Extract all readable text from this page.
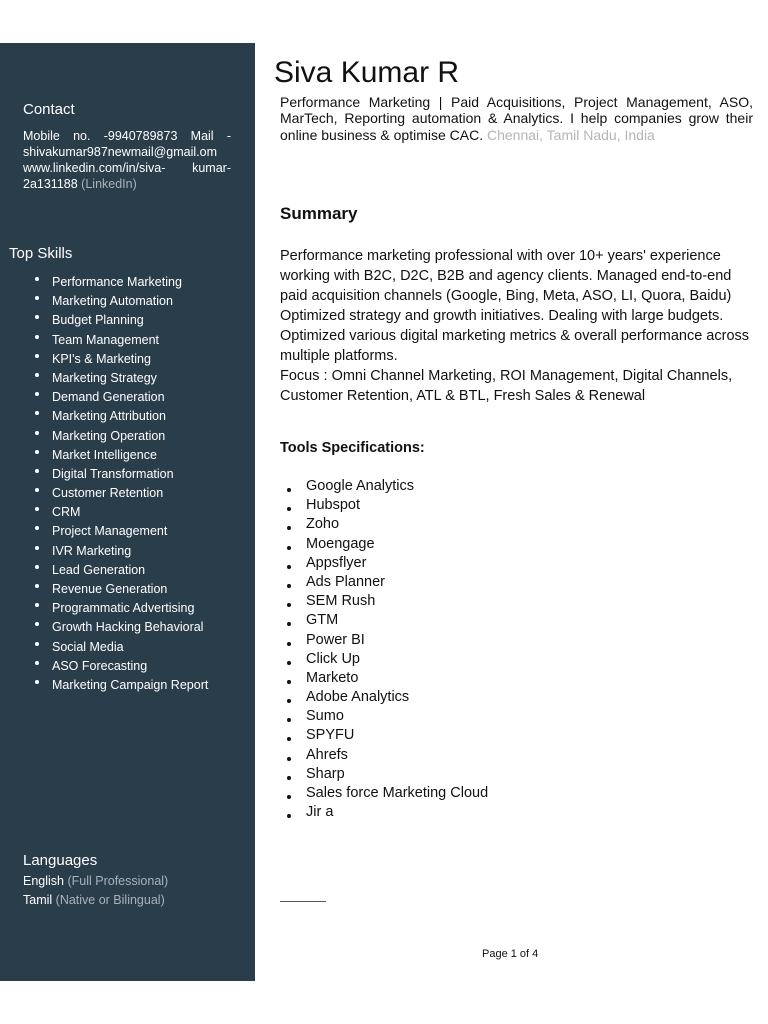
Contact
Mobile no. -9940789873 Mail - shivakumar987newmail@gmail.om www.linkedin.com/in/siva- kumar-2a131188 (LinkedIn)
Top Skills
Performance Marketing
Marketing Automation
Budget Planning
Team Management
KPI's & Marketing
Marketing Strategy
Demand Generation
Marketing Attribution
Marketing Operation
Market Intelligence
Digital Transformation
Customer Retention
CRM
Project Management
IVR Marketing
Lead Generation
Revenue Generation
Programmatic Advertising
Growth Hacking Behavioral
Social Media
ASO Forecasting
Marketing Campaign Report
Languages
English (Full Professional)
Tamil (Native or Bilingual)
Siva Kumar R

Performance Marketing | Paid Acquisitions, Project Management, ASO, MarTech, Reporting automation & Analytics. I help companies grow their online business & optimise CAC. Chennai, Tamil Nadu, India

Summary
Performance marketing professional with over 10+ years' experience working with B2C, D2C, B2B and agency clients. Managed end-to-end paid acquisition channels (Google, Bing, Meta, ASO, LI, Quora, Baidu) Optimized strategy and growth initiatives. Dealing with large budgets. Optimized various digital marketing metrics & overall performance across multiple platforms.
Focus : Omni Channel Marketing, ROI Management, Digital Channels, Customer Retention, ATL & BTL, Fresh Sales & Renewal
Tools Specifications:
Google Analytics
Hubspot
Zoho
Moengage
Appsflyer
Ads Planner
SEM Rush
GTM
Power BI
Click Up
Marketo
Adobe Analytics
Sumo
SPYFU
Ahrefs
Sharp
Sales force Marketing Cloud
Jir a
Page 1 of 4
